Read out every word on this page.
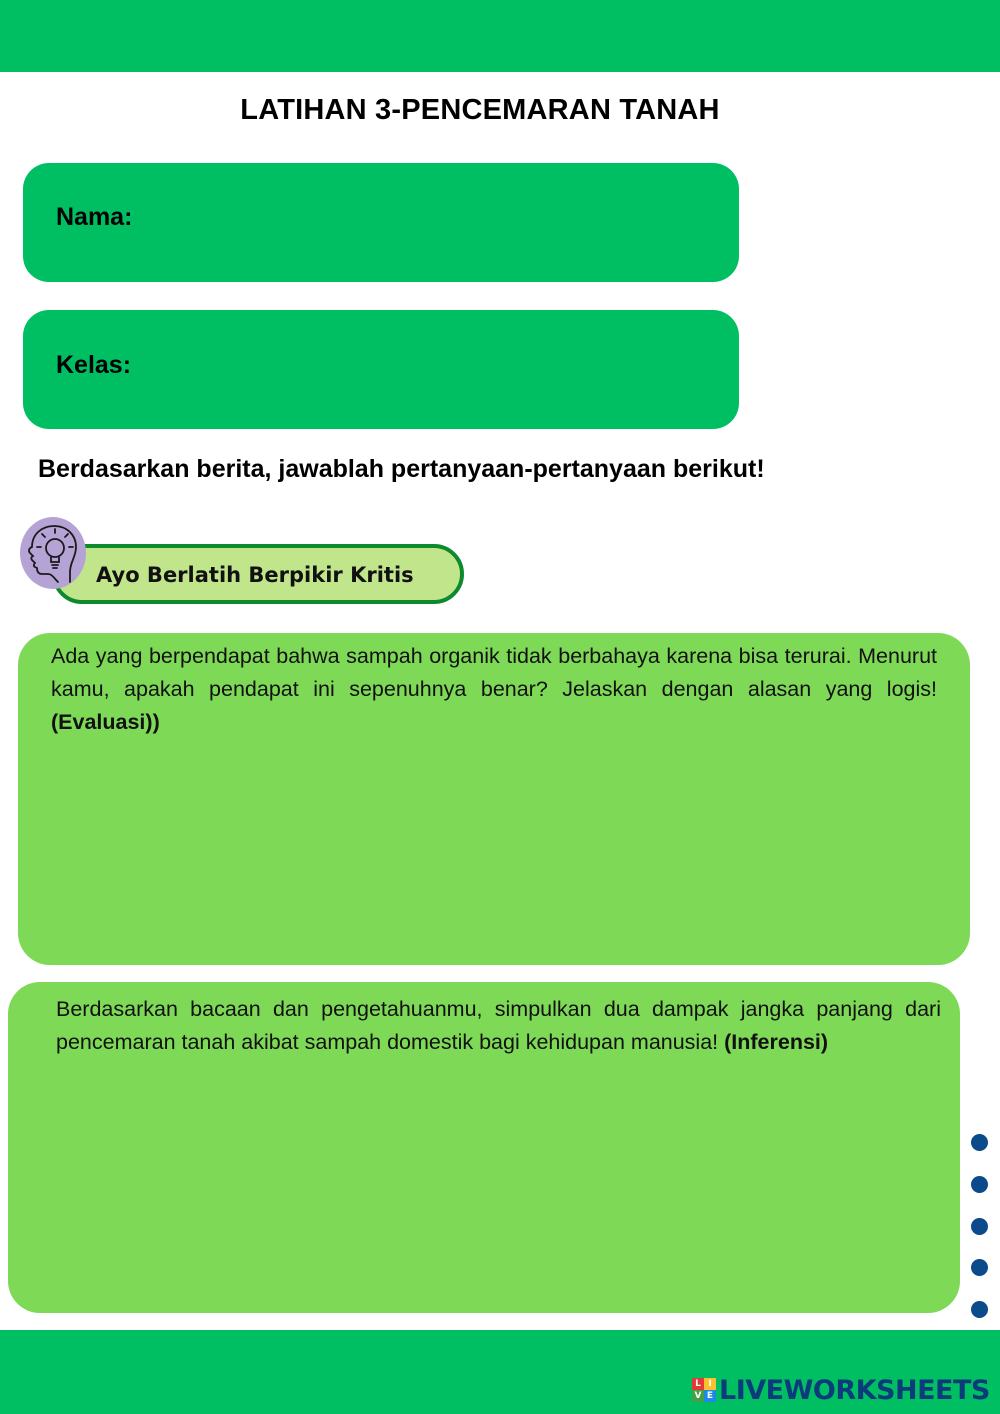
LATIHAN 3-PENCEMARAN TANAH
Nama:
Kelas:
Berdasarkan berita, jawablah pertanyaan-pertanyaan berikut!
Ayo Berlatih Berpikir Kritis
Ada yang berpendapat bahwa sampah organik tidak berbahaya karena bisa terurai. Menurut kamu, apakah pendapat ini sepenuhnya benar? Jelaskan dengan alasan yang logis! (Evaluasi))
Berdasarkan bacaan dan pengetahuanmu, simpulkan dua dampak jangka panjang dari pencemaran tanah akibat sampah domestik bagi kehidupan manusia! (Inferensi)
L I
V E LIVEWORKSHEETS
